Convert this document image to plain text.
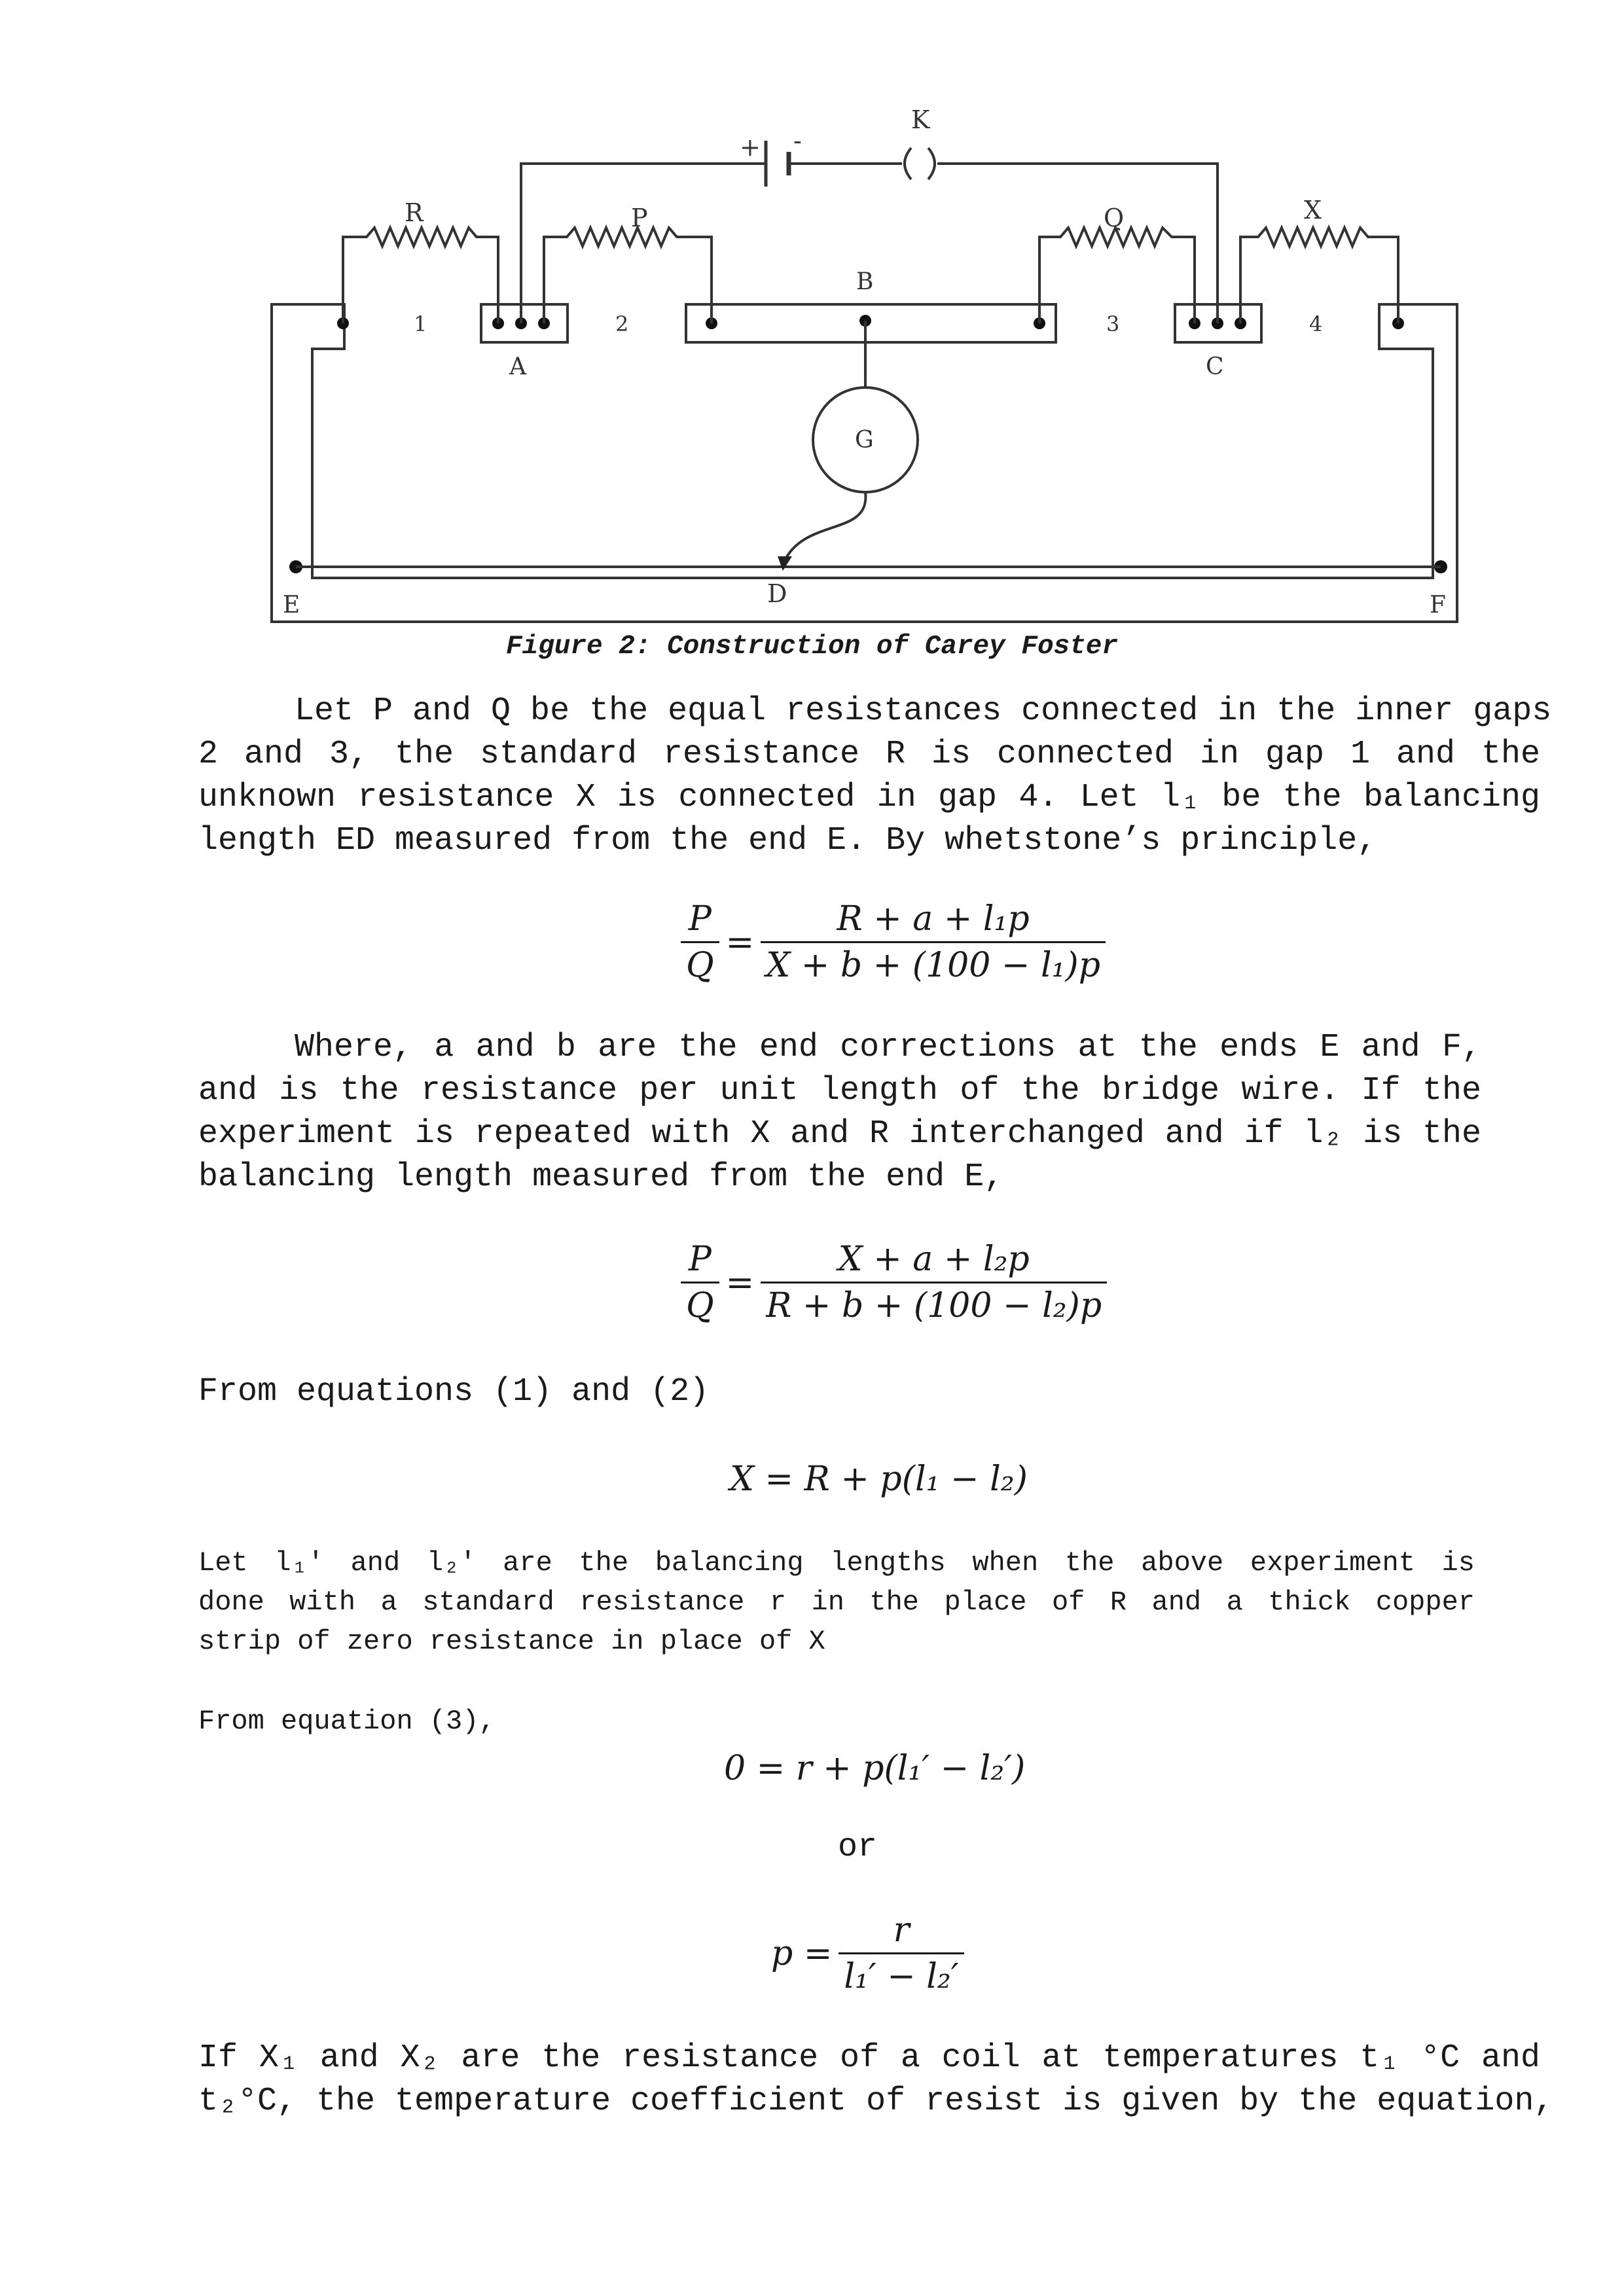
K
+ -
R	P	Q	X
1	2	3	4
A
B
C
G
D
E	F
Figure 2: Construction of Carey Foster
Let P and Q be the equal resistances connected in the inner gaps
2 and 3, the standard resistance R is connected in gap 1 and the
unknown resistance X is connected in gap 4. Let l₁ be the balancing
length ED measured from the end E. By whetstone’s principle,
$\frac{P}{Q} = \frac{\text{R + a + l₁p}}{\text{X + b + (100 − l₁)p}}$
Where, a and b are the end corrections at the ends E and F,
and is the resistance per unit length of the bridge wire. If the
experiment is repeated with X and R interchanged and if l₂ is the
balancing length measured from the end E,
$\frac{P}{Q} = \frac{\text{X + a + l₂p}}{\text{R + b + (100 − l₂)p}}$
From equations (1) and (2)
X = R + p(l₁ − l₂)
Let l₁' and l₂' are the balancing lengths when the above experiment is
done with a standard resistance r in the place of R and a thick copper
strip of zero resistance in place of X
From equation (3),
0 = r + p(l₁′ − l₂′)
or
$p = \frac{r}{\text{l₁′ − l₂′}}$
If X₁ and X₂ are the resistance of a coil at temperatures t₁ °C and
t₂°C, the temperature coefficient of resist is given by the equation,
